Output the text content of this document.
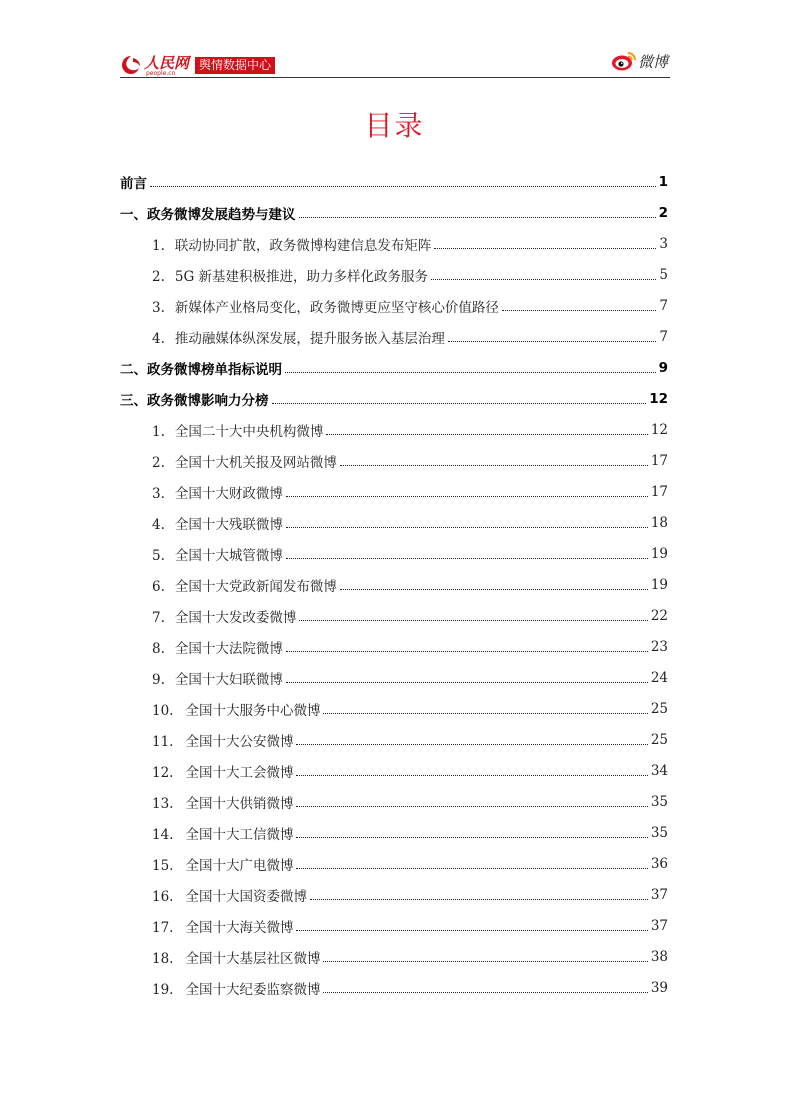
人民网
people.cn
舆情数据中心	微博
目录
前言	1
一、政务微博发展趋势与建议	2
1. 联动协同扩散，政务微博构建信息发布矩阵	3
2. 5G 新基建积极推进，助力多样化政务服务	5
3. 新媒体产业格局变化，政务微博更应坚守核心价值路径	7
4. 推动融媒体纵深发展，提升服务嵌入基层治理	7
二、政务微博榜单指标说明	9
三、政务微博影响力分榜	12
1. 全国二十大中央机构微博	12
2. 全国十大机关报及网站微博	17
3. 全国十大财政微博	17
4. 全国十大残联微博	18
5. 全国十大城管微博	19
6. 全国十大党政新闻发布微博	19
7. 全国十大发改委微博	22
8. 全国十大法院微博	23
9. 全国十大妇联微博	24
10. 全国十大服务中心微博	25
11. 全国十大公安微博	25
12. 全国十大工会微博	34
13. 全国十大供销微博	35
14. 全国十大工信微博	35
15. 全国十大广电微博	36
16. 全国十大国资委微博	37
17. 全国十大海关微博	37
18. 全国十大基层社区微博	38
19. 全国十大纪委监察微博	39
